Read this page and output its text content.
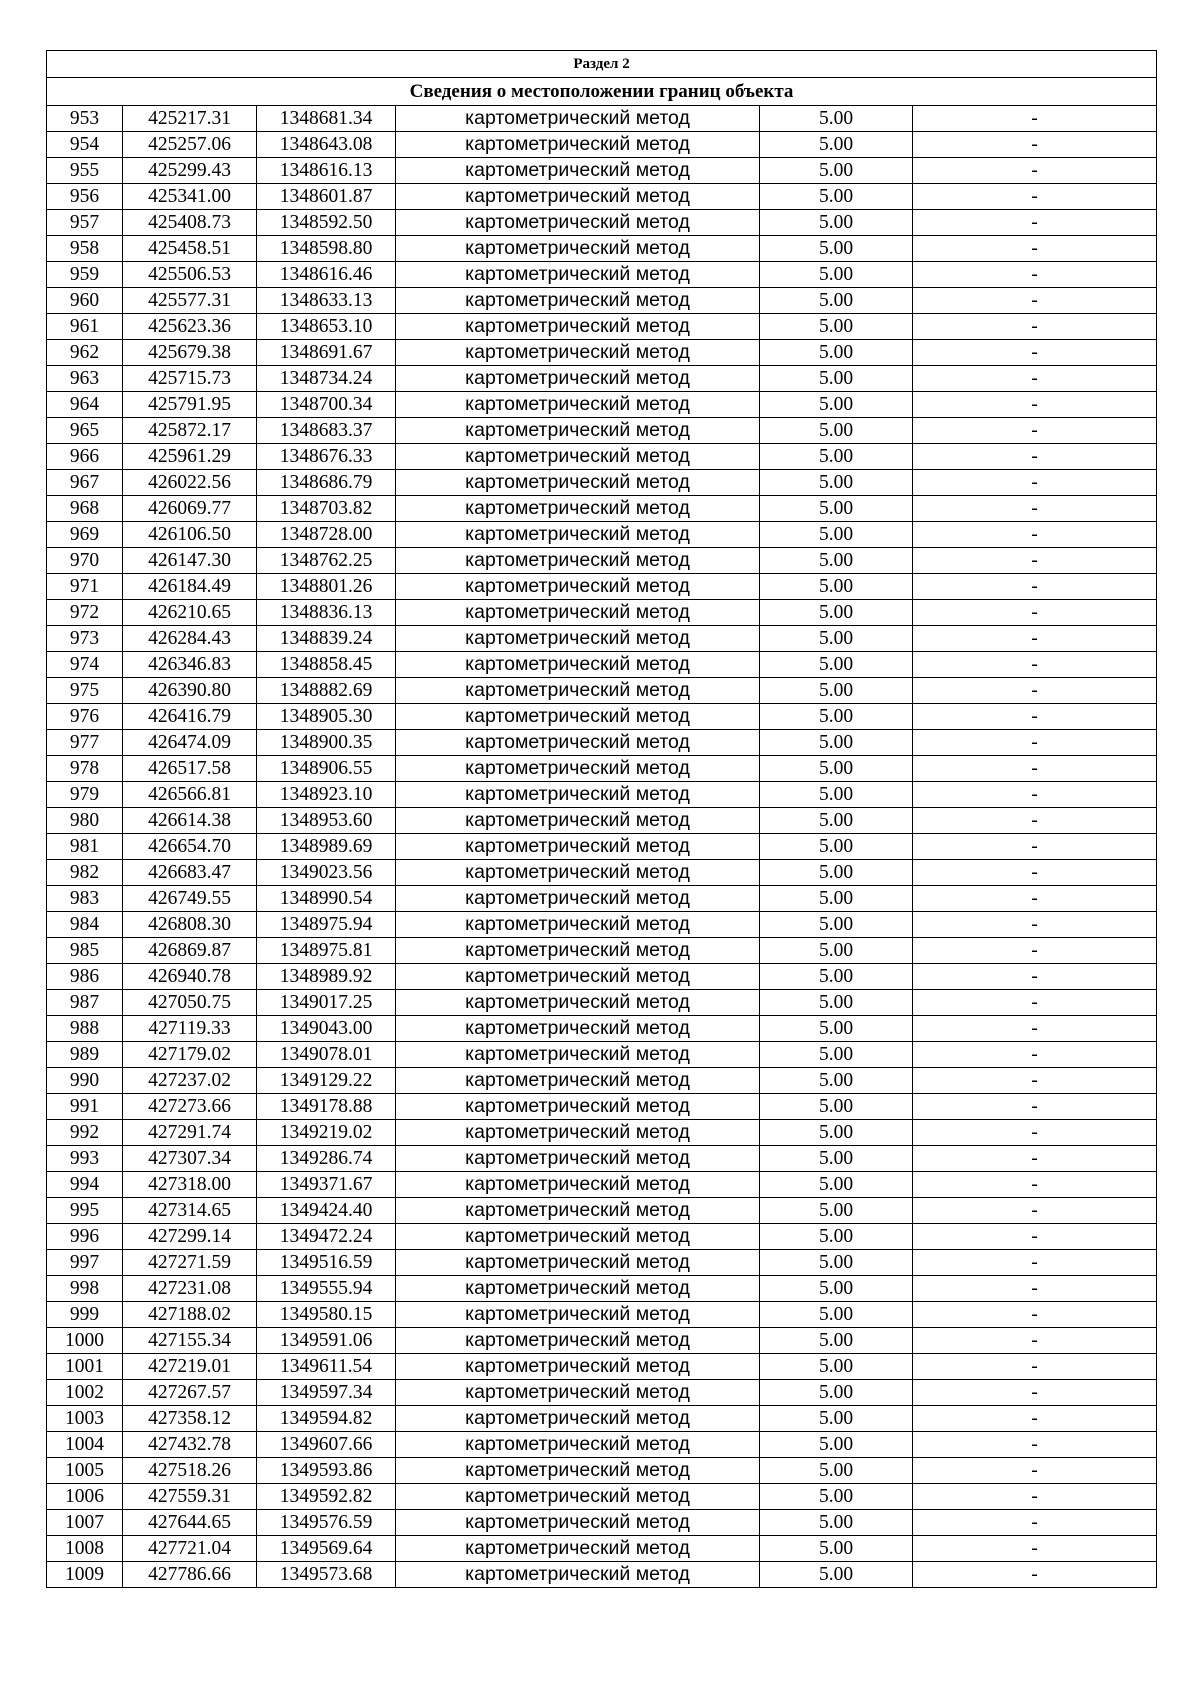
Раздел 2					
Сведения о местоположении границ объекта					
953	425217.31	1348681.34	картометрический метод	5.00	-
954	425257.06	1348643.08	картометрический метод	5.00	-
955	425299.43	1348616.13	картометрический метод	5.00	-
956	425341.00	1348601.87	картометрический метод	5.00	-
957	425408.73	1348592.50	картометрический метод	5.00	-
958	425458.51	1348598.80	картометрический метод	5.00	-
959	425506.53	1348616.46	картометрический метод	5.00	-
960	425577.31	1348633.13	картометрический метод	5.00	-
961	425623.36	1348653.10	картометрический метод	5.00	-
962	425679.38	1348691.67	картометрический метод	5.00	-
963	425715.73	1348734.24	картометрический метод	5.00	-
964	425791.95	1348700.34	картометрический метод	5.00	-
965	425872.17	1348683.37	картометрический метод	5.00	-
966	425961.29	1348676.33	картометрический метод	5.00	-
967	426022.56	1348686.79	картометрический метод	5.00	-
968	426069.77	1348703.82	картометрический метод	5.00	-
969	426106.50	1348728.00	картометрический метод	5.00	-
970	426147.30	1348762.25	картометрический метод	5.00	-
971	426184.49	1348801.26	картометрический метод	5.00	-
972	426210.65	1348836.13	картометрический метод	5.00	-
973	426284.43	1348839.24	картометрический метод	5.00	-
974	426346.83	1348858.45	картометрический метод	5.00	-
975	426390.80	1348882.69	картометрический метод	5.00	-
976	426416.79	1348905.30	картометрический метод	5.00	-
977	426474.09	1348900.35	картометрический метод	5.00	-
978	426517.58	1348906.55	картометрический метод	5.00	-
979	426566.81	1348923.10	картометрический метод	5.00	-
980	426614.38	1348953.60	картометрический метод	5.00	-
981	426654.70	1348989.69	картометрический метод	5.00	-
982	426683.47	1349023.56	картометрический метод	5.00	-
983	426749.55	1348990.54	картометрический метод	5.00	-
984	426808.30	1348975.94	картометрический метод	5.00	-
985	426869.87	1348975.81	картометрический метод	5.00	-
986	426940.78	1348989.92	картометрический метод	5.00	-
987	427050.75	1349017.25	картометрический метод	5.00	-
988	427119.33	1349043.00	картометрический метод	5.00	-
989	427179.02	1349078.01	картометрический метод	5.00	-
990	427237.02	1349129.22	картометрический метод	5.00	-
991	427273.66	1349178.88	картометрический метод	5.00	-
992	427291.74	1349219.02	картометрический метод	5.00	-
993	427307.34	1349286.74	картометрический метод	5.00	-
994	427318.00	1349371.67	картометрический метод	5.00	-
995	427314.65	1349424.40	картометрический метод	5.00	-
996	427299.14	1349472.24	картометрический метод	5.00	-
997	427271.59	1349516.59	картометрический метод	5.00	-
998	427231.08	1349555.94	картометрический метод	5.00	-
999	427188.02	1349580.15	картометрический метод	5.00	-
1000	427155.34	1349591.06	картометрический метод	5.00	-
1001	427219.01	1349611.54	картометрический метод	5.00	-
1002	427267.57	1349597.34	картометрический метод	5.00	-
1003	427358.12	1349594.82	картометрический метод	5.00	-
1004	427432.78	1349607.66	картометрический метод	5.00	-
1005	427518.26	1349593.86	картометрический метод	5.00	-
1006	427559.31	1349592.82	картометрический метод	5.00	-
1007	427644.65	1349576.59	картометрический метод	5.00	-
1008	427721.04	1349569.64	картометрический метод	5.00	-
1009	427786.66	1349573.68	картометрический метод	5.00	-
